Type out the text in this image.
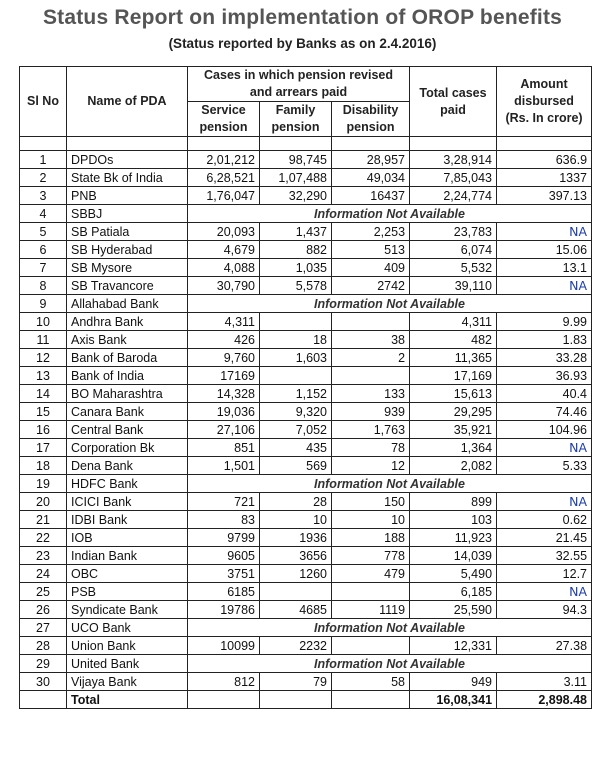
Status Report on implementation of OROP benefits
(Status reported by Banks as on 2.4.2016)
Sl No	Name of PDA	Cases in which pension revised and arrears paid			Total cases paid	Amount disbursed (Rs. In crore)
		Service pension	Family pension	Disability pension		

1	DPDOs	2,01,212	98,745	28,957	3,28,914	636.9
2	State Bk of India	6,28,521	1,07,488	49,034	7,85,043	1337
3	PNB	1,76,047	32,290	16437	2,24,774	397.13
4	SBBJ	Information Not Available				
5	SB Patiala	20,093	1,437	2,253	23,783	NA
6	SB Hyderabad	4,679	882	513	6,074	15.06
7	SB Mysore	4,088	1,035	409	5,532	13.1
8	SB Travancore	30,790	5,578	2742	39,110	NA
9	Allahabad Bank	Information Not Available				
10	Andhra Bank	4,311			4,311	9.99
11	Axis Bank	426	18	38	482	1.83
12	Bank of Baroda	9,760	1,603	2	11,365	33.28
13	Bank of India	17169			17,169	36.93
14	BO Maharashtra	14,328	1,152	133	15,613	40.4
15	Canara Bank	19,036	9,320	939	29,295	74.46
16	Central Bank	27,106	7,052	1,763	35,921	104.96
17	Corporation Bk	851	435	78	1,364	NA
18	Dena Bank	1,501	569	12	2,082	5.33
19	HDFC Bank	Information Not Available				
20	ICICI Bank	721	28	150	899	NA
21	IDBI Bank	83	10	10	103	0.62
22	IOB	9799	1936	188	11,923	21.45
23	Indian Bank	9605	3656	778	14,039	32.55
24	OBC	3751	1260	479	5,490	12.7
25	PSB	6185			6,185	NA
26	Syndicate Bank	19786	4685	1119	25,590	94.3
27	UCO Bank	Information Not Available				
28	Union Bank	10099	2232		12,331	27.38
29	United Bank	Information Not Available				
30	Vijaya Bank	812	79	58	949	3.11
	Total				16,08,341	2,898.48
